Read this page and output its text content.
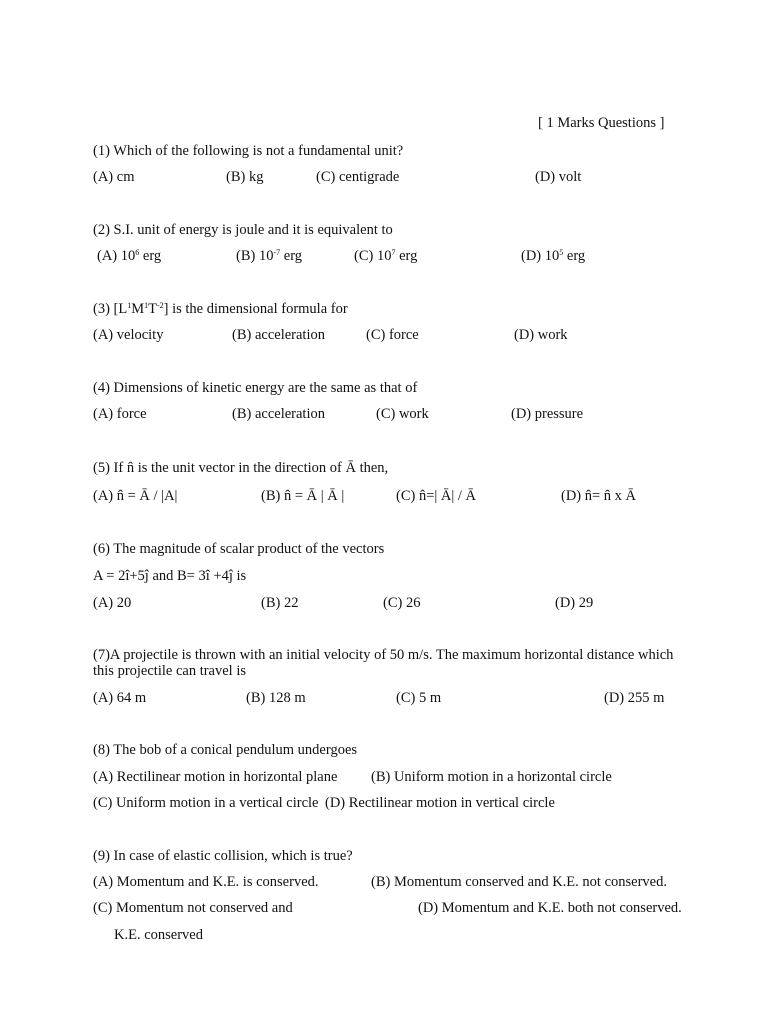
[ 1 Marks Questions ]
(1) Which of the following is not a fundamental unit?
(A) cm	(B) kg	(C) centigrade	(D) volt
(2) S.I. unit of energy is joule and it is equivalent to
(A) $10^6$ erg	(B) $10^{-7}$ erg	(C) $10^7$ erg	(D) $10^5$ erg
(3) $[L^1M^1T^{-2}]$ is the dimensional formula for
(A) velocity	(B) acceleration	(C) force	(D) work
(4) Dimensions of kinetic energy are the same as that of
(A) force	(B) acceleration	(C) work	(D) pressure
(5) If n̂ is the unit vector in the direction of Ā then,
(A) n̂ = Ā / |A|	(B) n̂ = Ā | Ā |	(C) n̂=| Ā| / Ā	(D) n̂= n̂ x Ā
(6) The magnitude of scalar product of the vectors
A = 2î+5ĵ and B= 3î +4ĵ is
(A) 20	(B) 22	(C) 26	(D) 29
(7)A projectile is thrown with an initial velocity of 50 m/s. The maximum horizontal distance which this projectile can travel is
(A) 64 m	(B) 128 m	(C) 5 m	(D) 255 m
(8) The bob of a conical pendulum undergoes
(A) Rectilinear motion in horizontal plane (B) Uniform motion in a horizontal circle
(C) Uniform motion in a vertical circle (D) Rectilinear motion in vertical circle
(9) In case of elastic collision, which is true?
(A) Momentum and K.E. is conserved.	(B) Momentum conserved and K.E. not conserved.
(C) Momentum not conserved and	(D) Momentum and K.E. both not conserved.
K.E. conserved
